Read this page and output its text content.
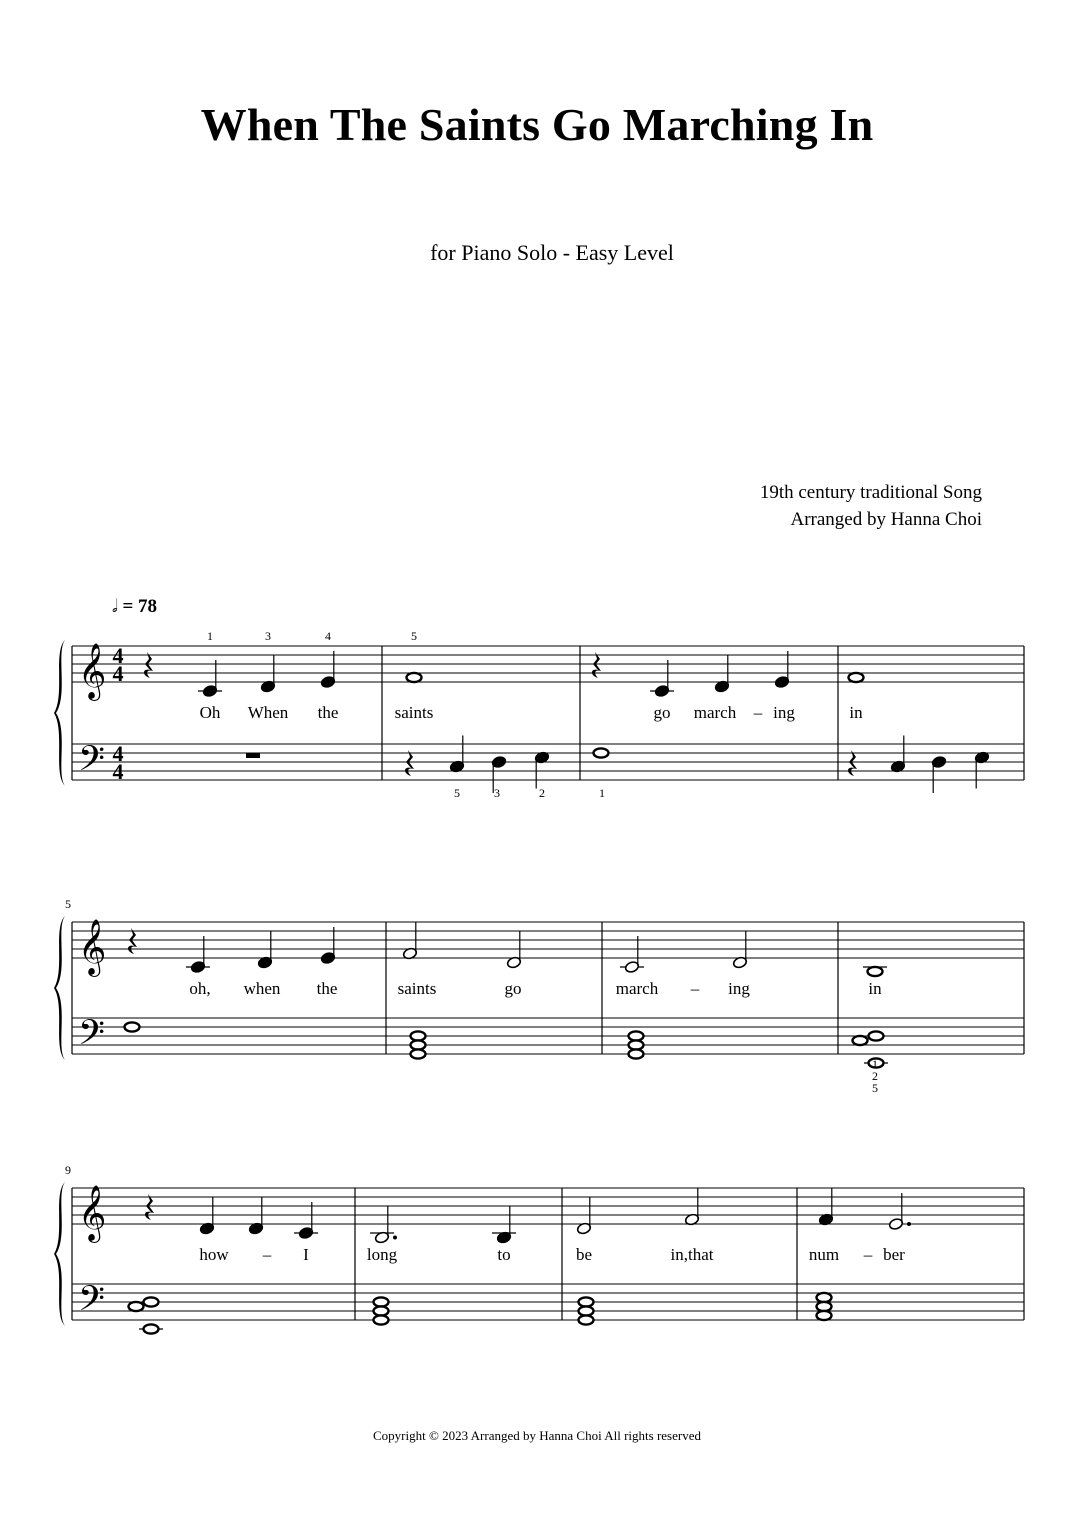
When The Saints Go Marching In
for Piano Solo - Easy Level
19th century traditional Song
Arranged by Hanna Choi
𝅗𝅥 = 78
𝄞
𝄢
4
4
4
4
Oh When the	saints	go march – ing	in
1	3	4	5
5	3	2	1
𝄞
𝄢
5
oh, when the	saints	go	march – ing	in
1
2
5
𝄞
𝄢
9
how – I	long	to	be	in,that	num – ber
Copyright © 2023 Arranged by Hanna Choi All rights reserved
